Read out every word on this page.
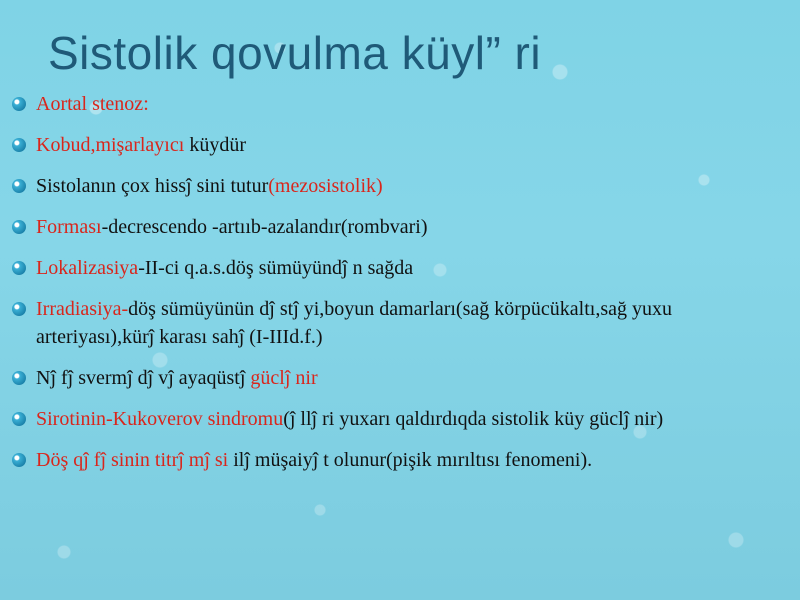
Sistolik qovulma küyl” ri
Aortal stenoz:
Kobud,mişarlayıcı küydür
Sistolanın çox hissĵ sini tutur(mezosistolik)
Forması-decrescendo -artııb-azalandır(rombvari)
Lokalizasiya-II-ci q.a.s.döş sümüyündĵ n sağda
Irradiasiya-döş sümüyünün dĵ stĵ yi,boyun damarları(sağ körpücükaltı,sağ yuxu arteriyası),kürĵ karası sahĵ (I-IIId.f.)
Nĵ fĵ svermĵ dĵ vĵ ayaqüstĵ güclĵ nir
Sirotinin-Kukoverov sindromu(ĵ llĵ ri yuxarı qaldırdıqda sistolik küy güclĵ nir)
Döş qĵ fĵ sinin titrĵ mĵ si ilĵ müşaiyĵ t olunur(pişik mırıltısı fenomeni).
